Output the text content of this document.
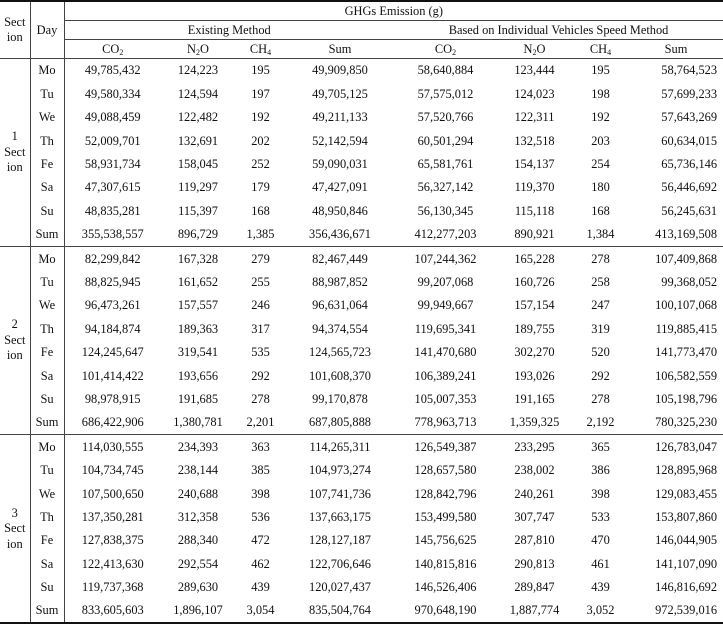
Sect
ion	Day	GHGs Emission (g)							
		Existing Method				Based on Individual Vehicles Speed Method			
		$CO_2$	$N_2O$	$CH_4$	Sum	$CO_2$	$N_2O$	$CH_4$	Sum
1
Sect
ion	Mo	49,785,432	124,223	195	49,909,850	58,640,884	123,444	195	58,764,523
	Tu	49,580,334	124,594	197	49,705,125	57,575,012	124,023	198	57,699,233
	We	49,088,459	122,482	192	49,211,133	57,520,766	122,311	192	57,643,269
	Th	52,009,701	132,691	202	52,142,594	60,501,294	132,518	203	60,634,015
	Fe	58,931,734	158,045	252	59,090,031	65,581,761	154,137	254	65,736,146
	Sa	47,307,615	119,297	179	47,427,091	56,327,142	119,370	180	56,446,692
	Su	48,835,281	115,397	168	48,950,846	56,130,345	115,118	168	56,245,631
	Sum	355,538,557	896,729	1,385	356,436,671	412,277,203	890,921	1,384	413,169,508
2
Sect
ion	Mo	82,299,842	167,328	279	82,467,449	107,244,362	165,228	278	107,409,868
	Tu	88,825,945	161,652	255	88,987,852	99,207,068	160,726	258	99,368,052
	We	96,473,261	157,557	246	96,631,064	99,949,667	157,154	247	100,107,068
	Th	94,184,874	189,363	317	94,374,554	119,695,341	189,755	319	119,885,415
	Fe	124,245,647	319,541	535	124,565,723	141,470,680	302,270	520	141,773,470
	Sa	101,414,422	193,656	292	101,608,370	106,389,241	193,026	292	106,582,559
	Su	98,978,915	191,685	278	99,170,878	105,007,353	191,165	278	105,198,796
	Sum	686,422,906	1,380,781	2,201	687,805,888	778,963,713	1,359,325	2,192	780,325,230
3
Sect
ion	Mo	114,030,555	234,393	363	114,265,311	126,549,387	233,295	365	126,783,047
	Tu	104,734,745	238,144	385	104,973,274	128,657,580	238,002	386	128,895,968
	We	107,500,650	240,688	398	107,741,736	128,842,796	240,261	398	129,083,455
	Th	137,350,281	312,358	536	137,663,175	153,499,580	307,747	533	153,807,860
	Fe	127,838,375	288,340	472	128,127,187	145,756,625	287,810	470	146,044,905
	Sa	122,413,630	292,554	462	122,706,646	140,815,816	290,813	461	141,107,090
	Su	119,737,368	289,630	439	120,027,437	146,526,406	289,847	439	146,816,692
	Sum	833,605,603	1,896,107	3,054	835,504,764	970,648,190	1,887,774	3,052	972,539,016
